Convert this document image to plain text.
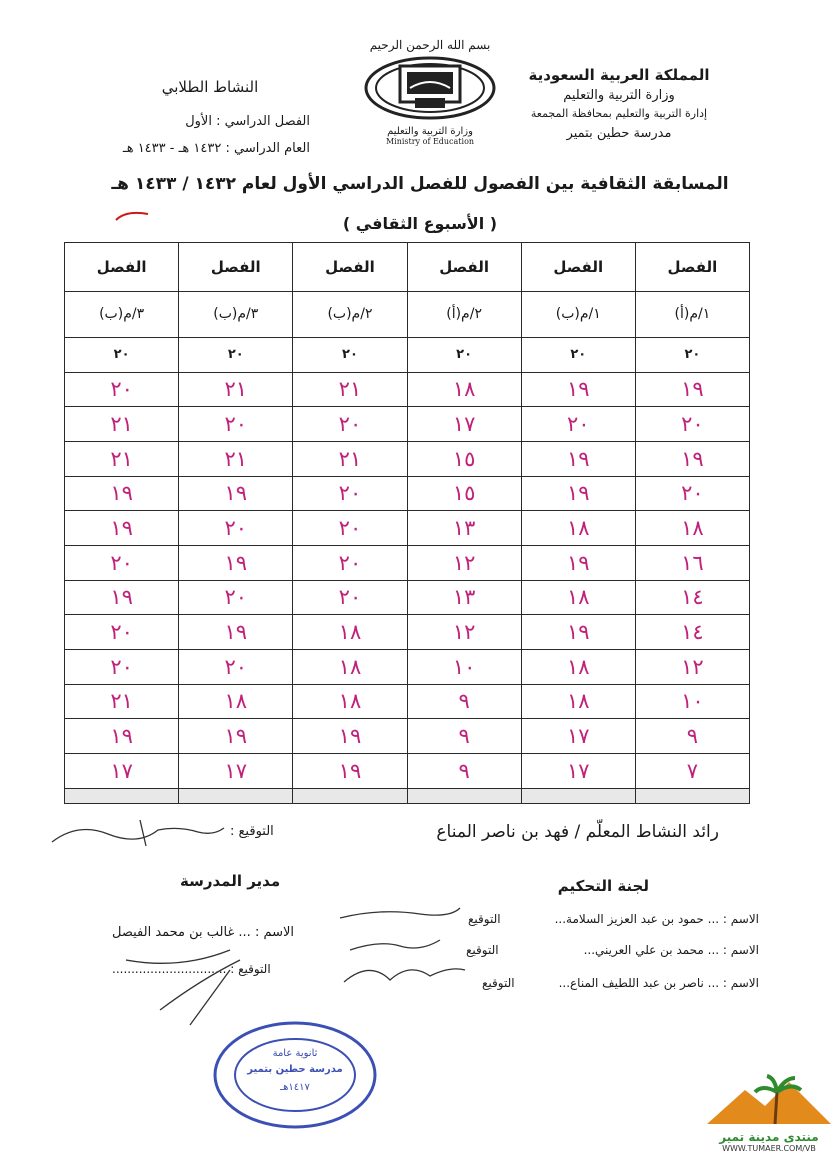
المملكة العربية السعودية
وزارة التربية والتعليم
إدارة التربية والتعليم بمحافظة المجمعة
مدرسة حطين بتمير
بسم الله الرحمن الرحيم
وزارة التربية والتعليم
Ministry of Education
النشاط الطلابي
الفصل الدراسي : الأول
العام الدراسي : ١٤٣٢ هـ - ١٤٣٣ هـ
المسابقة الثقافية بين الفصول للفصل الدراسي الأول لعام ١٤٣٢ / ١٤٣٣ هـ
( الأسبوع الثقافي )
الفصل	الفصل	الفصل	الفصل	الفصل	الفصل
١/م(أ)	١/م(ب)	٢/م(أ)	٢/م(ب)	٣/م(ب)	٣/م(ب)
٢٠	٢٠	٢٠	٢٠	٢٠	٢٠
١٩	١٩	١٨	٢١	٢١	٢٠
٢٠	٢٠	١٧	٢٠	٢٠	٢١
١٩	١٩	١٥	٢١	٢١	٢١
٢٠	١٩	١٥	٢٠	١٩	١٩
١٨	١٨	١٣	٢٠	٢٠	١٩
١٦	١٩	١٢	٢٠	١٩	٢٠
١٤	١٨	١٣	٢٠	٢٠	١٩
١٤	١٩	١٢	١٨	١٩	٢٠
١٢	١٨	١٠	١٨	٢٠	٢٠
١٠	١٨	٩	١٨	١٨	٢١
٩	١٧	٩	١٩	١٩	١٩
٧	١٧	٩	١٩	١٧	١٧

رائد النشاط المعلّم / فهد بن ناصر المناع
التوقيع :
مدير المدرسة	لجنة التحكيم
الاسم : ... حمود بن عبد العزيز السلامة...
التوقيع
الاسم : ... محمد بن علي العريني...
التوقيع
الاسم : ... ناصر بن عبد اللطيف المناع...
التوقيع
الاسم : ... غالب بن محمد الفيصل
التوقيع : ..............................
ثانوية عامة
مدرسة حطين بتمير
١٤١٧هـ
منتدى مدينة تمير
WWW.TUMAER.COM/VB
